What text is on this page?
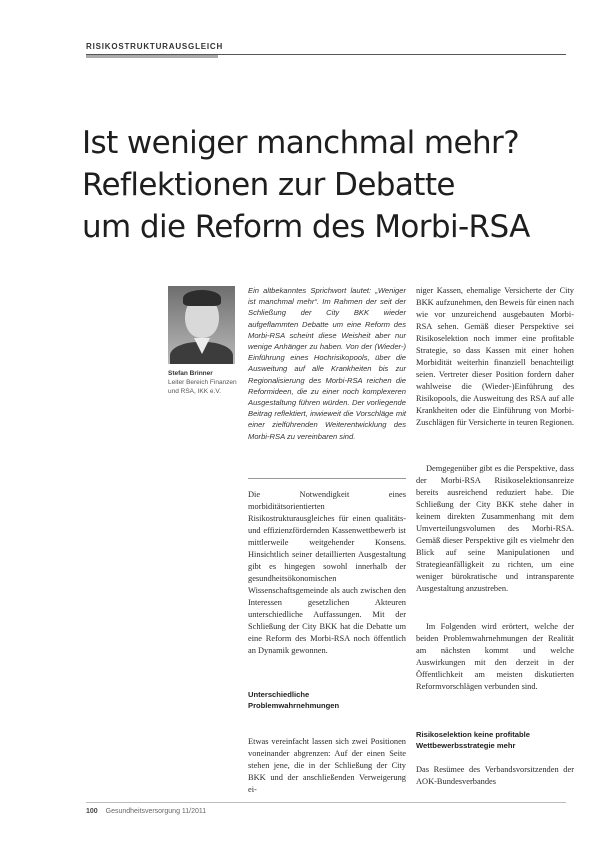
RISIKOSTRUKTURAUSGLEICH
Ist weniger manchmal mehr?
Reflektionen zur Debatte
um die Reform des Morbi-RSA
Stefan Brinner
Leiter Bereich Finanzen und RSA, IKK e.V.

Ein altbekanntes Sprichwort lautet: „Weniger ist manchmal mehr“. Im Rahmen der seit der Schließung der City BKK wieder aufgeflammten Debatte um eine Reform des Morbi-RSA scheint diese Weisheit aber nur wenige Anhänger zu haben. Von der (Wieder-) Einführung eines Hochrisikopools, über die Ausweitung auf alle Krankheiten bis zur Regionalisierung des Morbi-RSA reichen die Reformideen, die zu einer noch komplexeren Ausgestaltung führen würden. Der vorliegende Beitrag reflektiert, inwieweit die Vorschläge mit einer zielführenden Weiterentwicklung des Morbi-RSA zu vereinbaren sind.

Die Notwendigkeit eines morbiditätsorientierten Risikostrukturausgleiches für einen qualitäts- und effizienzfördernden Kassenwettbewerb ist mittlerweile weitgehender Konsens. Hinsichtlich seiner detaillierten Ausgestaltung gibt es hingegen sowohl innerhalb der gesundheitsökonomischen Wissenschaftsgemeinde als auch zwischen den Interessen gesetzlichen Akteuren unterschiedliche Auffassungen. Mit der Schließung der City BKK hat die Debatte um eine Reform des Morbi-RSA noch öffentlich an Dynamik gewonnen.

Unterschiedliche Problemwahrnehmungen

Etwas vereinfacht lassen sich zwei Positionen voneinander abgrenzen: Auf der einen Seite stehen jene, die in der Schließung der City BKK und der anschließenden Verweigerung ei-

niger Kassen, ehemalige Versicherte der City BKK aufzunehmen, den Beweis für einen nach wie vor unzureichend ausgebauten Morbi-RSA sehen. Gemäß dieser Perspektive sei Risikoselektion noch immer eine profitable Strategie, so dass Kassen mit einer hohen Morbidität weiterhin finanziell benachteiligt seien. Vertreter dieser Position fordern daher wahlweise die (Wieder-)Einführung des Risikopools, die Ausweitung des RSA auf alle Krankheiten oder die Einführung von Morbi-Zuschlägen für Versicherte in teuren Regionen.

Demgegenüber gibt es die Perspektive, dass der Morbi-RSA Risikoselektionsanreize bereits ausreichend reduziert habe. Die Schließung der City BKK stehe daher in keinem direkten Zusammenhang mit dem Umverteilungsvolumen des Morbi-RSA. Gemäß dieser Perspektive gilt es vielmehr den Blick auf seine Manipulationen und Strategieanfälligkeit zu richten, um eine weniger bürokratische und intransparente Ausgestaltung anzustreben.

Im Folgenden wird erörtert, welche der beiden Problemwahrnehmungen der Realität am nächsten kommt und welche Auswirkungen mit den derzeit in der Öffentlichkeit am meisten diskutierten Reformvorschlägen verbunden sind.

Risikoselektion keine profitable Wettbewerbsstrategie mehr

Das Resümee des Verbandsvorsitzenden der AOK-Bundesverbandes

100 Gesundheitsversorgung 11/2011
